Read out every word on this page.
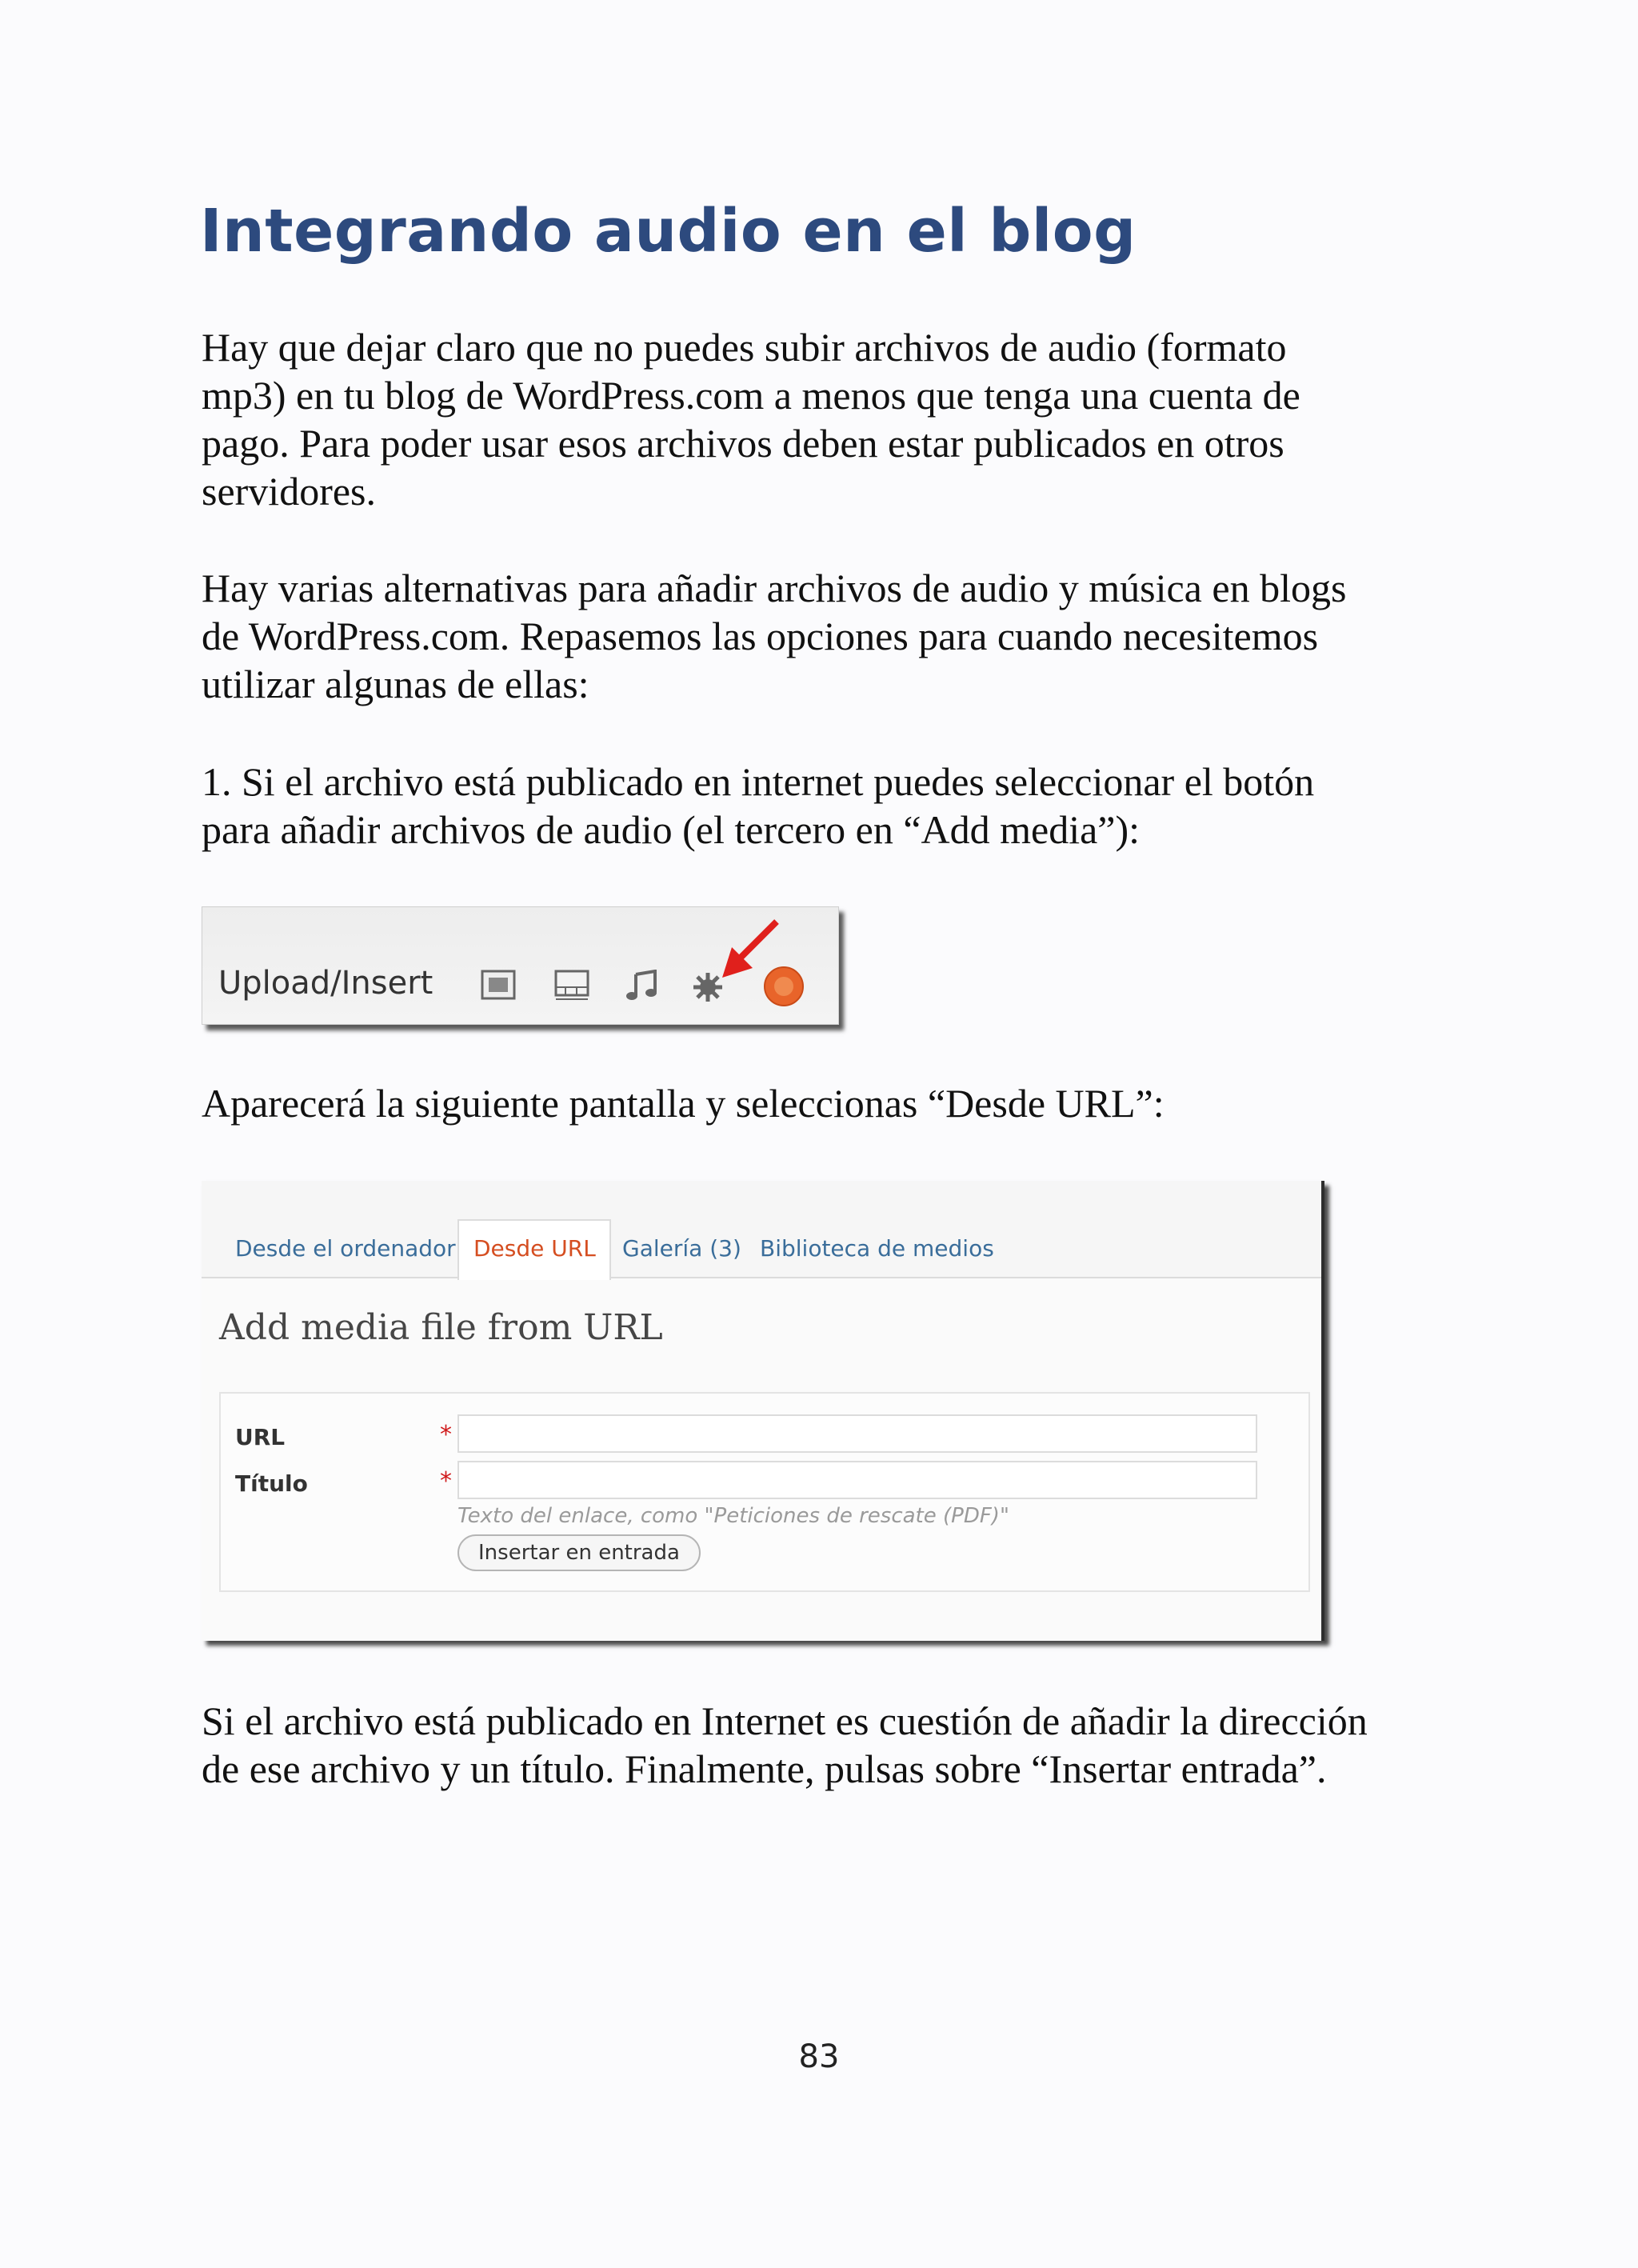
Integrando audio en el blog
Hay que dejar claro que no puedes subir archivos de audio (formato
mp3) en tu blog de WordPress.com a menos que tenga una cuenta de
pago. Para poder usar esos archivos deben estar publicados en otros
servidores.
Hay varias alternativas para añadir archivos de audio y música en blogs
de WordPress.com. Repasemos las opciones para cuando necesitemos
utilizar algunas de ellas:
1. Si el archivo está publicado en internet puedes seleccionar el botón
para añadir archivos de audio (el tercero en “Add media”):

Upload/Insert

Aparecerá la siguiente pantalla y seleccionas “Desde URL”:

Desde el ordenador Desde URL Galería (3) Biblioteca de medios

Add media file from URL

URL	*

Título	*

Texto del enlace, como "Peticiones de rescate (PDF)"

Insertar en entrada
Si el archivo está publicado en Internet es cuestión de añadir la dirección
de ese archivo y un título. Finalmente, pulsas sobre “Insertar entrada”.

83
